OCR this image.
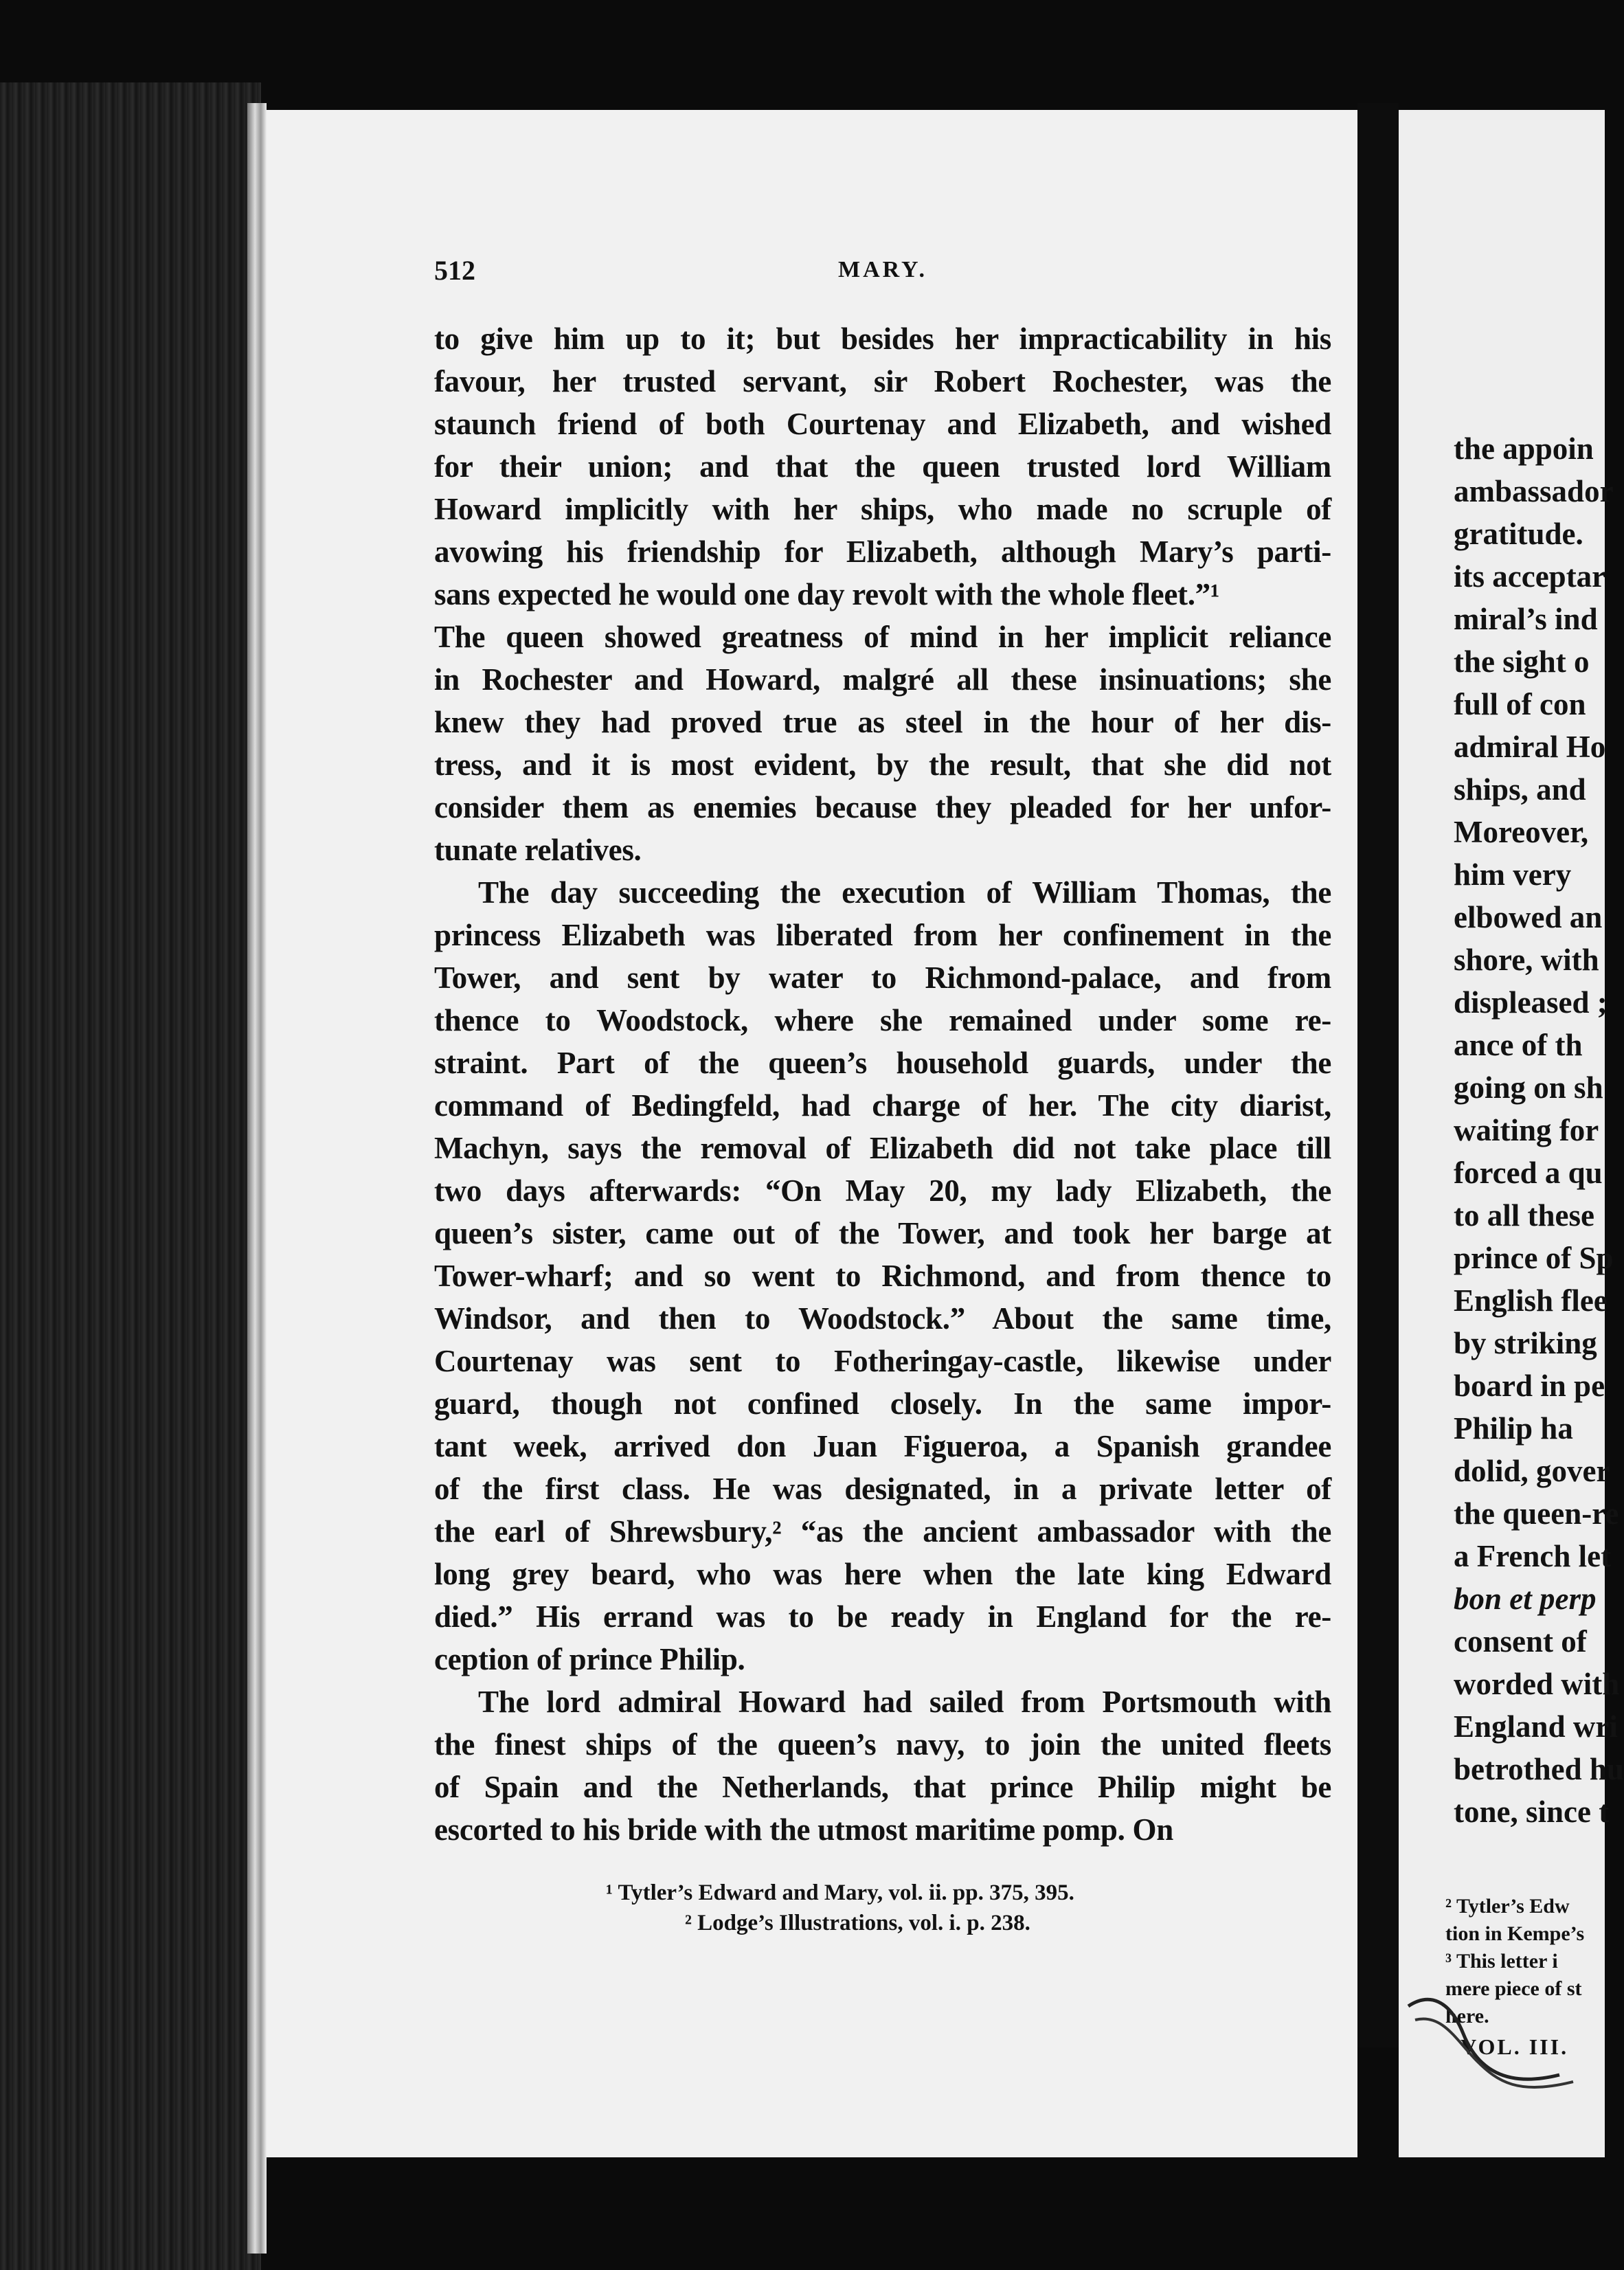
the appoin
ambassador
gratitude.
its acceptar
miral’s ind
the sight o
full of con
admiral Ho
ships, and
Moreover,
him very
elbowed an
shore, with
displeased ;
ance of th
going on sh
waiting for
forced a qu
to all these
prince of Sp
English flee
by striking
board in pe
Philip ha
dolid, gover
the queen-re
a French let
bon et perp
consent of
worded with
England wri
betrothed hu
tone, since t
² Tytler’s Edw
tion in Kempe’s
³ This letter i
mere piece of st
here.
VOL. III.
512	MARY.
to give him up to it; but besides her impracticability in his
favour, her trusted servant, sir Robert Rochester, was the
staunch friend of both Courtenay and Elizabeth, and wished
for their union; and that the queen trusted lord William
Howard implicitly with her ships, who made no scruple of
avowing his friendship for Elizabeth, although Mary’s parti-
sans expected he would one day revolt with the whole fleet.”¹
The queen showed greatness of mind in her implicit reliance
in Rochester and Howard, malgré all these insinuations; she
knew they had proved true as steel in the hour of her dis-
tress, and it is most evident, by the result, that she did not
consider them as enemies because they pleaded for her unfor-
tunate relatives.
The day succeeding the execution of William Thomas, the
princess Elizabeth was liberated from her confinement in the
Tower, and sent by water to Richmond-palace, and from
thence to Woodstock, where she remained under some re-
straint. Part of the queen’s household guards, under the
command of Bedingfeld, had charge of her. The city diarist,
Machyn, says the removal of Elizabeth did not take place till
two days afterwards: “On May 20, my lady Elizabeth, the
queen’s sister, came out of the Tower, and took her barge at
Tower-wharf; and so went to Richmond, and from thence to
Windsor, and then to Woodstock.” About the same time,
Courtenay was sent to Fotheringay-castle, likewise under
guard, though not confined closely. In the same impor-
tant week, arrived don Juan Figueroa, a Spanish grandee
of the first class. He was designated, in a private letter of
the earl of Shrewsbury,² “as the ancient ambassador with the
long grey beard, who was here when the late king Edward
died.” His errand was to be ready in England for the re-
ception of prince Philip.
The lord admiral Howard had sailed from Portsmouth with
the finest ships of the queen’s navy, to join the united fleets
of Spain and the Netherlands, that prince Philip might be
escorted to his bride with the utmost maritime pomp. On
¹ Tytler’s Edward and Mary, vol. ii. pp. 375, 395.
² Lodge’s Illustrations, vol. i. p. 238.
